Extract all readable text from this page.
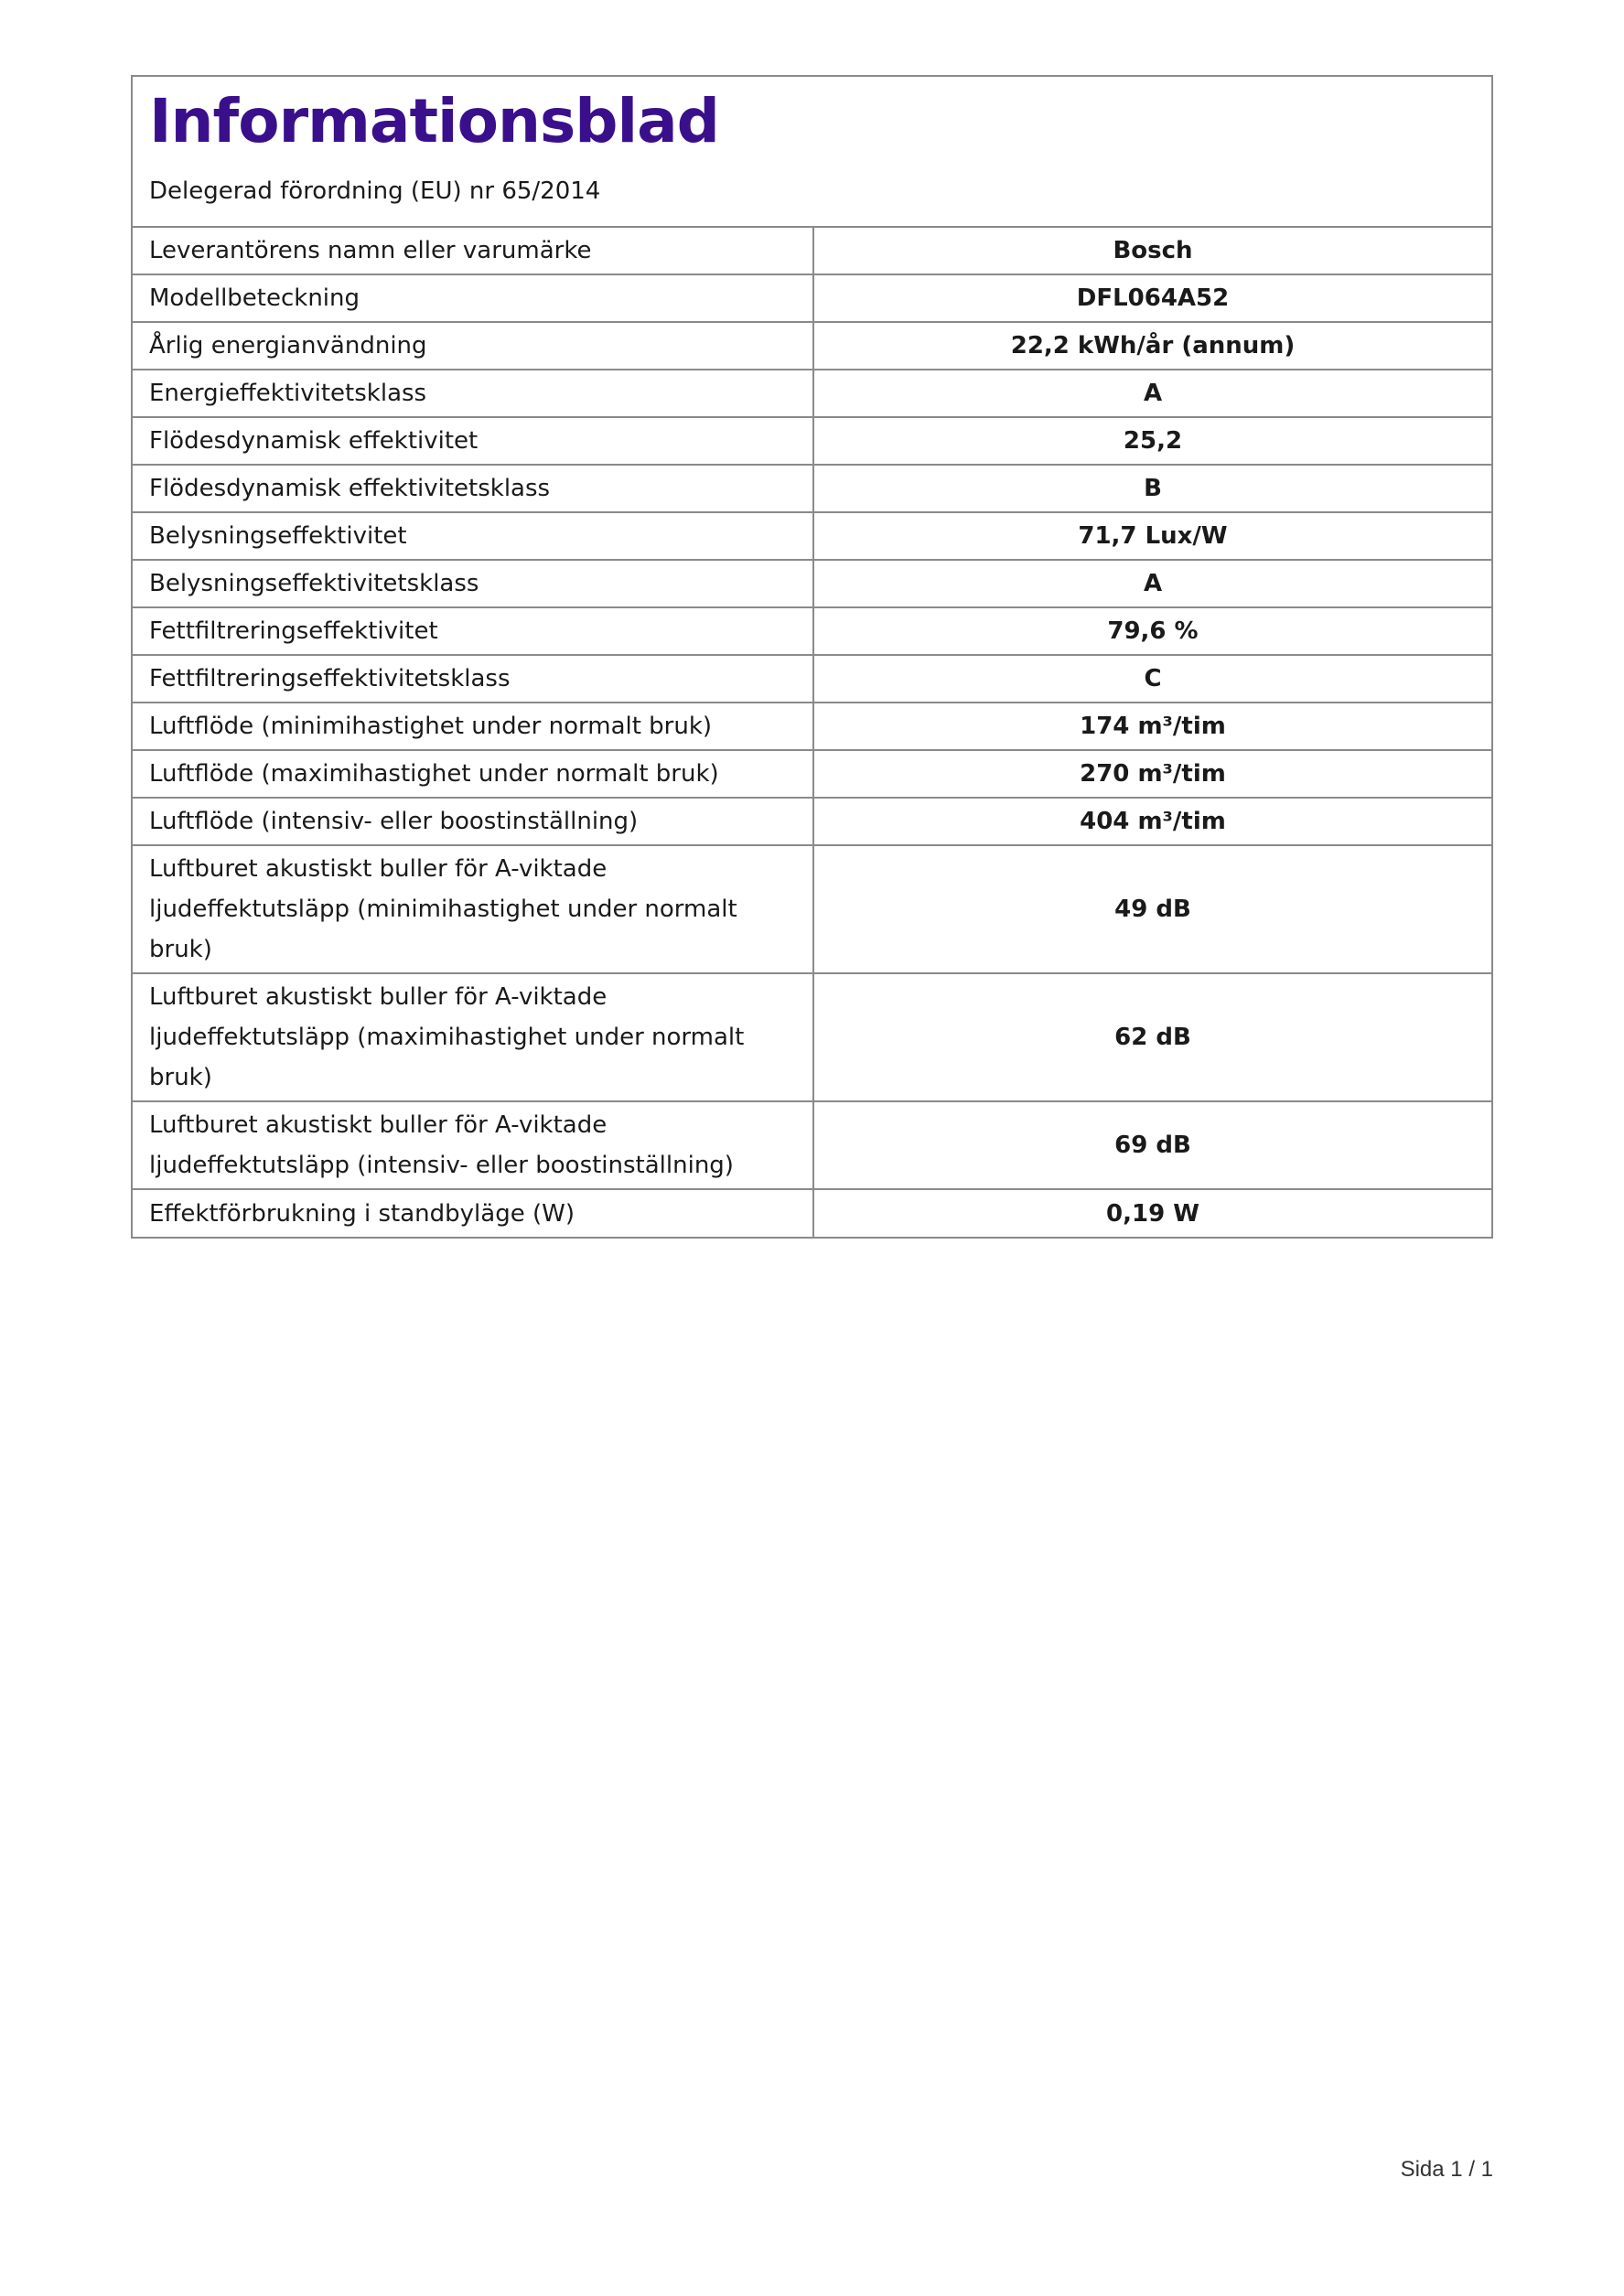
Informationsblad
Delegerad förordning (EU) nr 65/2014
Leverantörens namn eller varumärke	Bosch
Modellbeteckning	DFL064A52
Årlig energianvändning	22,2 kWh/år (annum)
Energieffektivitetsklass	A
Flödesdynamisk effektivitet	25,2
Flödesdynamisk effektivitetsklass	B
Belysningseffektivitet	71,7 Lux/W
Belysningseffektivitetsklass	A
Fettfiltreringseffektivitet	79,6 %
Fettfiltreringseffektivitetsklass	C
Luftflöde (minimihastighet under normalt bruk)	174 m³/tim
Luftflöde (maximihastighet under normalt bruk)	270 m³/tim
Luftflöde (intensiv- eller boostinställning)	404 m³/tim
Luftburet akustiskt buller för A-viktade ljudeffektutsläpp (minimihastighet under normalt bruk)	49 dB
Luftburet akustiskt buller för A-viktade ljudeffektutsläpp (maximihastighet under normalt bruk)	62 dB
Luftburet akustiskt buller för A-viktade ljudeffektutsläpp (intensiv- eller boostinställning)	69 dB
Effektförbrukning i standbyläge (W)	0,19 W
Sida 1 / 1
